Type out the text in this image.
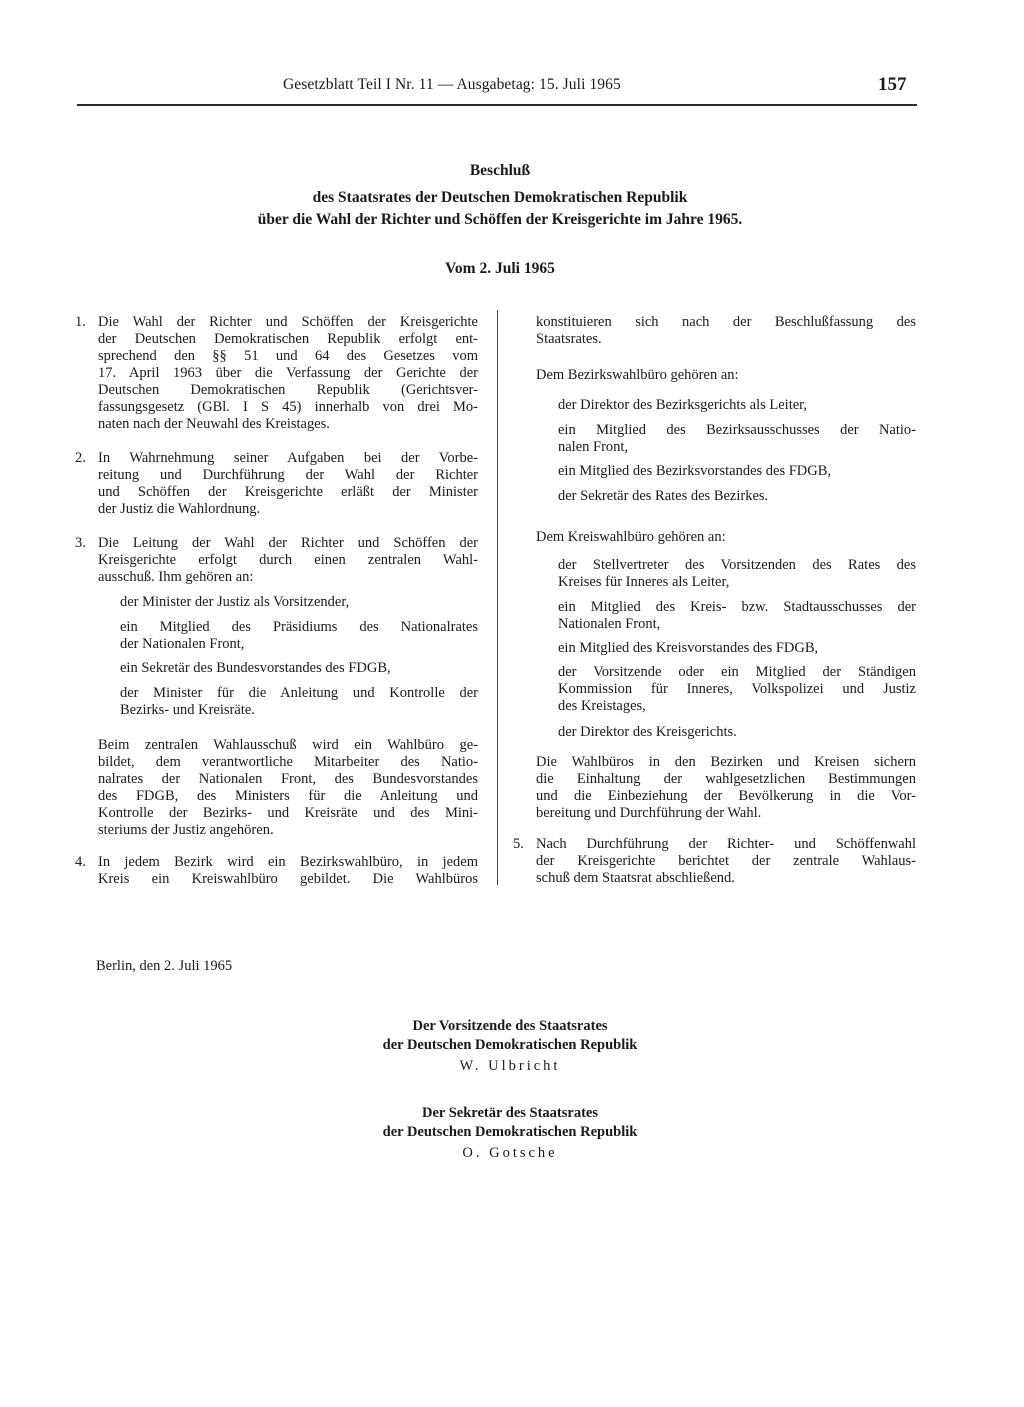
Gesetzblatt Teil I Nr. 11 — Ausgabetag: 15. Juli 1965	157
Beschluß
des Staatsrates der Deutschen Demokratischen Republik
über die Wahl der Richter und Schöffen der Kreisgerichte im Jahre 1965.
Vom 2. Juli 1965
1. Die Wahl der Richter und Schöffen der Kreisgerichte

der Deutschen Demokratischen Republik erfolgt ent-

sprechend den §§ 51 und 64 des Gesetzes vom

17. April 1963 über die Verfassung der Gerichte der

Deutschen Demokratischen Republik (Gerichtsver-

fassungsgesetz (GBl. I S 45) innerhalb von drei Mo-

naten nach der Neuwahl des Kreistages.

2. In Wahrnehmung seiner Aufgaben bei der Vorbe-

reitung und Durchführung der Wahl der Richter

und Schöffen der Kreisgerichte erläßt der Minister

der Justiz die Wahlordnung.

3. Die Leitung der Wahl der Richter und Schöffen der

Kreisgerichte erfolgt durch einen zentralen Wahl-

ausschuß. Ihm gehören an:

der Minister der Justiz als Vorsitzender,

ein Mitglied des Präsidiums des Nationalrates

der Nationalen Front,

ein Sekretär des Bundesvorstandes des FDGB,

der Minister für die Anleitung und Kontrolle der

Bezirks- und Kreisräte.

Beim zentralen Wahlausschuß wird ein Wahlbüro ge-

bildet, dem verantwortliche Mitarbeiter des Natio-

nalrates der Nationalen Front, des Bundesvorstandes

des FDGB, des Ministers für die Anleitung und

Kontrolle der Bezirks- und Kreisräte und des Mini-

steriums der Justiz angehören.

4. In jedem Bezirk wird ein Bezirkswahlbüro, in jedem

Kreis ein Kreiswahlbüro gebildet. Die Wahlbüros

konstituieren sich nach der Beschlußfassung des

Staatsrates.

Dem Bezirkswahlbüro gehören an:

der Direktor des Bezirksgerichts als Leiter,

ein Mitglied des Bezirksausschusses der Natio-

nalen Front,

ein Mitglied des Bezirksvorstandes des FDGB,

der Sekretär des Rates des Bezirkes.

Dem Kreiswahlbüro gehören an:

der Stellvertreter des Vorsitzenden des Rates des

Kreises für Inneres als Leiter,

ein Mitglied des Kreis- bzw. Stadtausschusses der

Nationalen Front,

ein Mitglied des Kreisvorstandes des FDGB,

der Vorsitzende oder ein Mitglied der Ständigen

Kommission für Inneres, Volkspolizei und Justiz

des Kreistages,

der Direktor des Kreisgerichts.

Die Wahlbüros in den Bezirken und Kreisen sichern

die Einhaltung der wahlgesetzlichen Bestimmungen

und die Einbeziehung der Bevölkerung in die Vor-

bereitung und Durchführung der Wahl.

5. Nach Durchführung der Richter- und Schöffenwahl

der Kreisgerichte berichtet der zentrale Wahlaus-

schuß dem Staatsrat abschließend.

Berlin, den 2. Juli 1965
Der Vorsitzende des Staatsrates
der Deutschen Demokratischen Republik
W. Ulbricht
Der Sekretär des Staatsrates
der Deutschen Demokratischen Republik
O. Gotsche
